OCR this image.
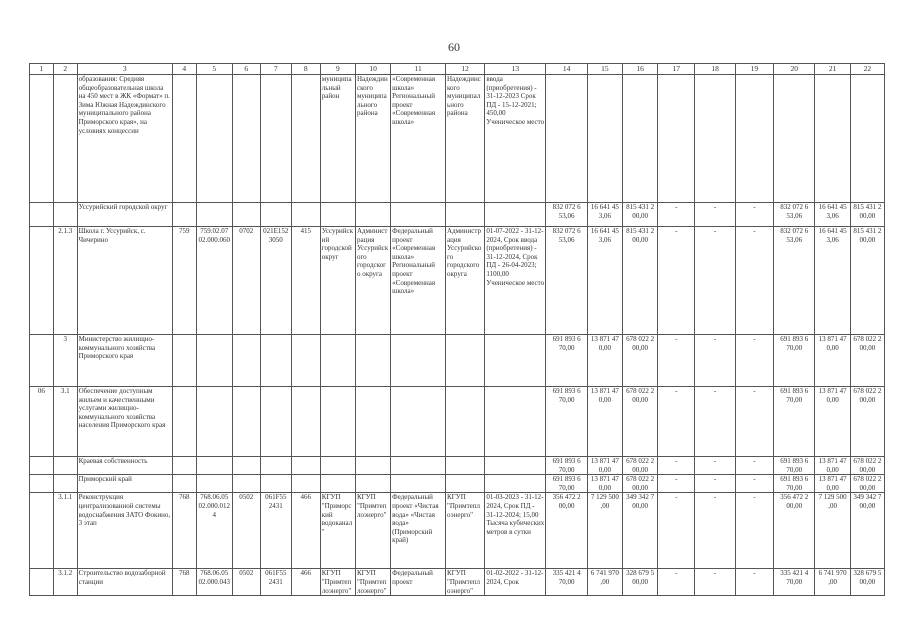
60
1	2	3	4	5	6	7	8	9	10	11	12	13	14	15	16	17	18	19	20	21	22
		образования: Средняя общеобразовательная школа на 450 мест в ЖК «Формат» п. Зима Южная Надеждинского муниципального района Приморского края», на условиях концессии						муниципальный район	Надеждинского муниципального района	«Современная школа» Региональный проект «Современная школа»	Надеждинского муниципального района	ввода (приобретения) - 31-12-2023 Срок ПД - 15-12-2021; 450,00 Ученическое место									
		Уссурийский городской округ											832 072 6 53,06	16 641 45 3,06	815 431 2 00,00	-	-	-	832 072 6 53,06	16 641 45 3,06	815 431 2 00,00
	2.1.3	Школа г. Уссурийск, с. Чичерино	759	759.02.07 02.000.060	0702	021Е152 3050	415	Уссурийский городской округ	Администрация Уссурийского городского округа	Федеральный проект «Современная школа» Региональный проект «Современная школа»	Администрация Уссурийского городского округа	01-07-2022 - 31-12-2024, Срок ввода (приобретения) - 31-12-2024, Срок ПД - 26-04-2023; 1100,00 Ученическое место	832 072 6 53,06	16 641 45 3,06	815 431 2 00,00	-	-	-	832 072 6 53,06	16 641 45 3,06	815 431 2 00,00
	3	Министерство жилищно-коммунального хозяйства Приморского края											691 893 6 70,00	13 871 47 0,00	678 022 2 00,00	-	-	-	691 893 6 70,00	13 871 47 0,00	678 022 2 00,00
06	3.1	Обеспечение доступным жильем и качественными услугами жилищно-коммунального хозяйства населения Приморского края											691 893 6 70,00	13 871 47 0,00	678 022 2 00,00	-	-	-	691 893 6 70,00	13 871 47 0,00	678 022 2 00,00
		Краевая собственность											691 893 6 70,00	13 871 47 0,00	678 022 2 00,00	-	-	-	691 893 6 70,00	13 871 47 0,00	678 022 2 00,00
		Приморский край											691 893 6 70,00	13 871 47 0,00	678 022 2 00,00	-	-	-	691 893 6 70,00	13 871 47 0,00	678 022 2 00,00
	3.1.1	Реконструкция централизованной системы водоснабжения ЗАТО Фокино, 3 этап	768	768.06.05 02.000.012 4	0502	061F55 2431	466	КГУП "Приморский водоканал"	КГУП "Примтеплоэнерго"	Федеральный проект «Чистая вода» «Чистая вода» (Приморский край)	КГУП "Примтеплоэнерго"	01-03-2023 - 31-12-2024, Срок ПД - 31-12-2024; 15,00 Тысяча кубических метров в сутки	356 472 2 00,00	7 129 500 ,00	349 342 7 00,00	-	-	-	356 472 2 00,00	7 129 500 ,00	349 342 7 00,00
	3.1.2	Строительство водозаборной станции	768	768.06.05 02.000.043	0502	061F55 2431	466	КГУП "Примтеплоэнерго"	КГУП "Примтеплоэнерго"	Федеральный проект	КГУП "Примтеплоэнерго"	01-02-2022 - 31-12-2024, Срок	335 421 4 70,00	6 741 970 ,00	328 679 5 00,00	-	-	-	335 421 4 70,00	6 741 970 ,00	328 679 5 00,00
